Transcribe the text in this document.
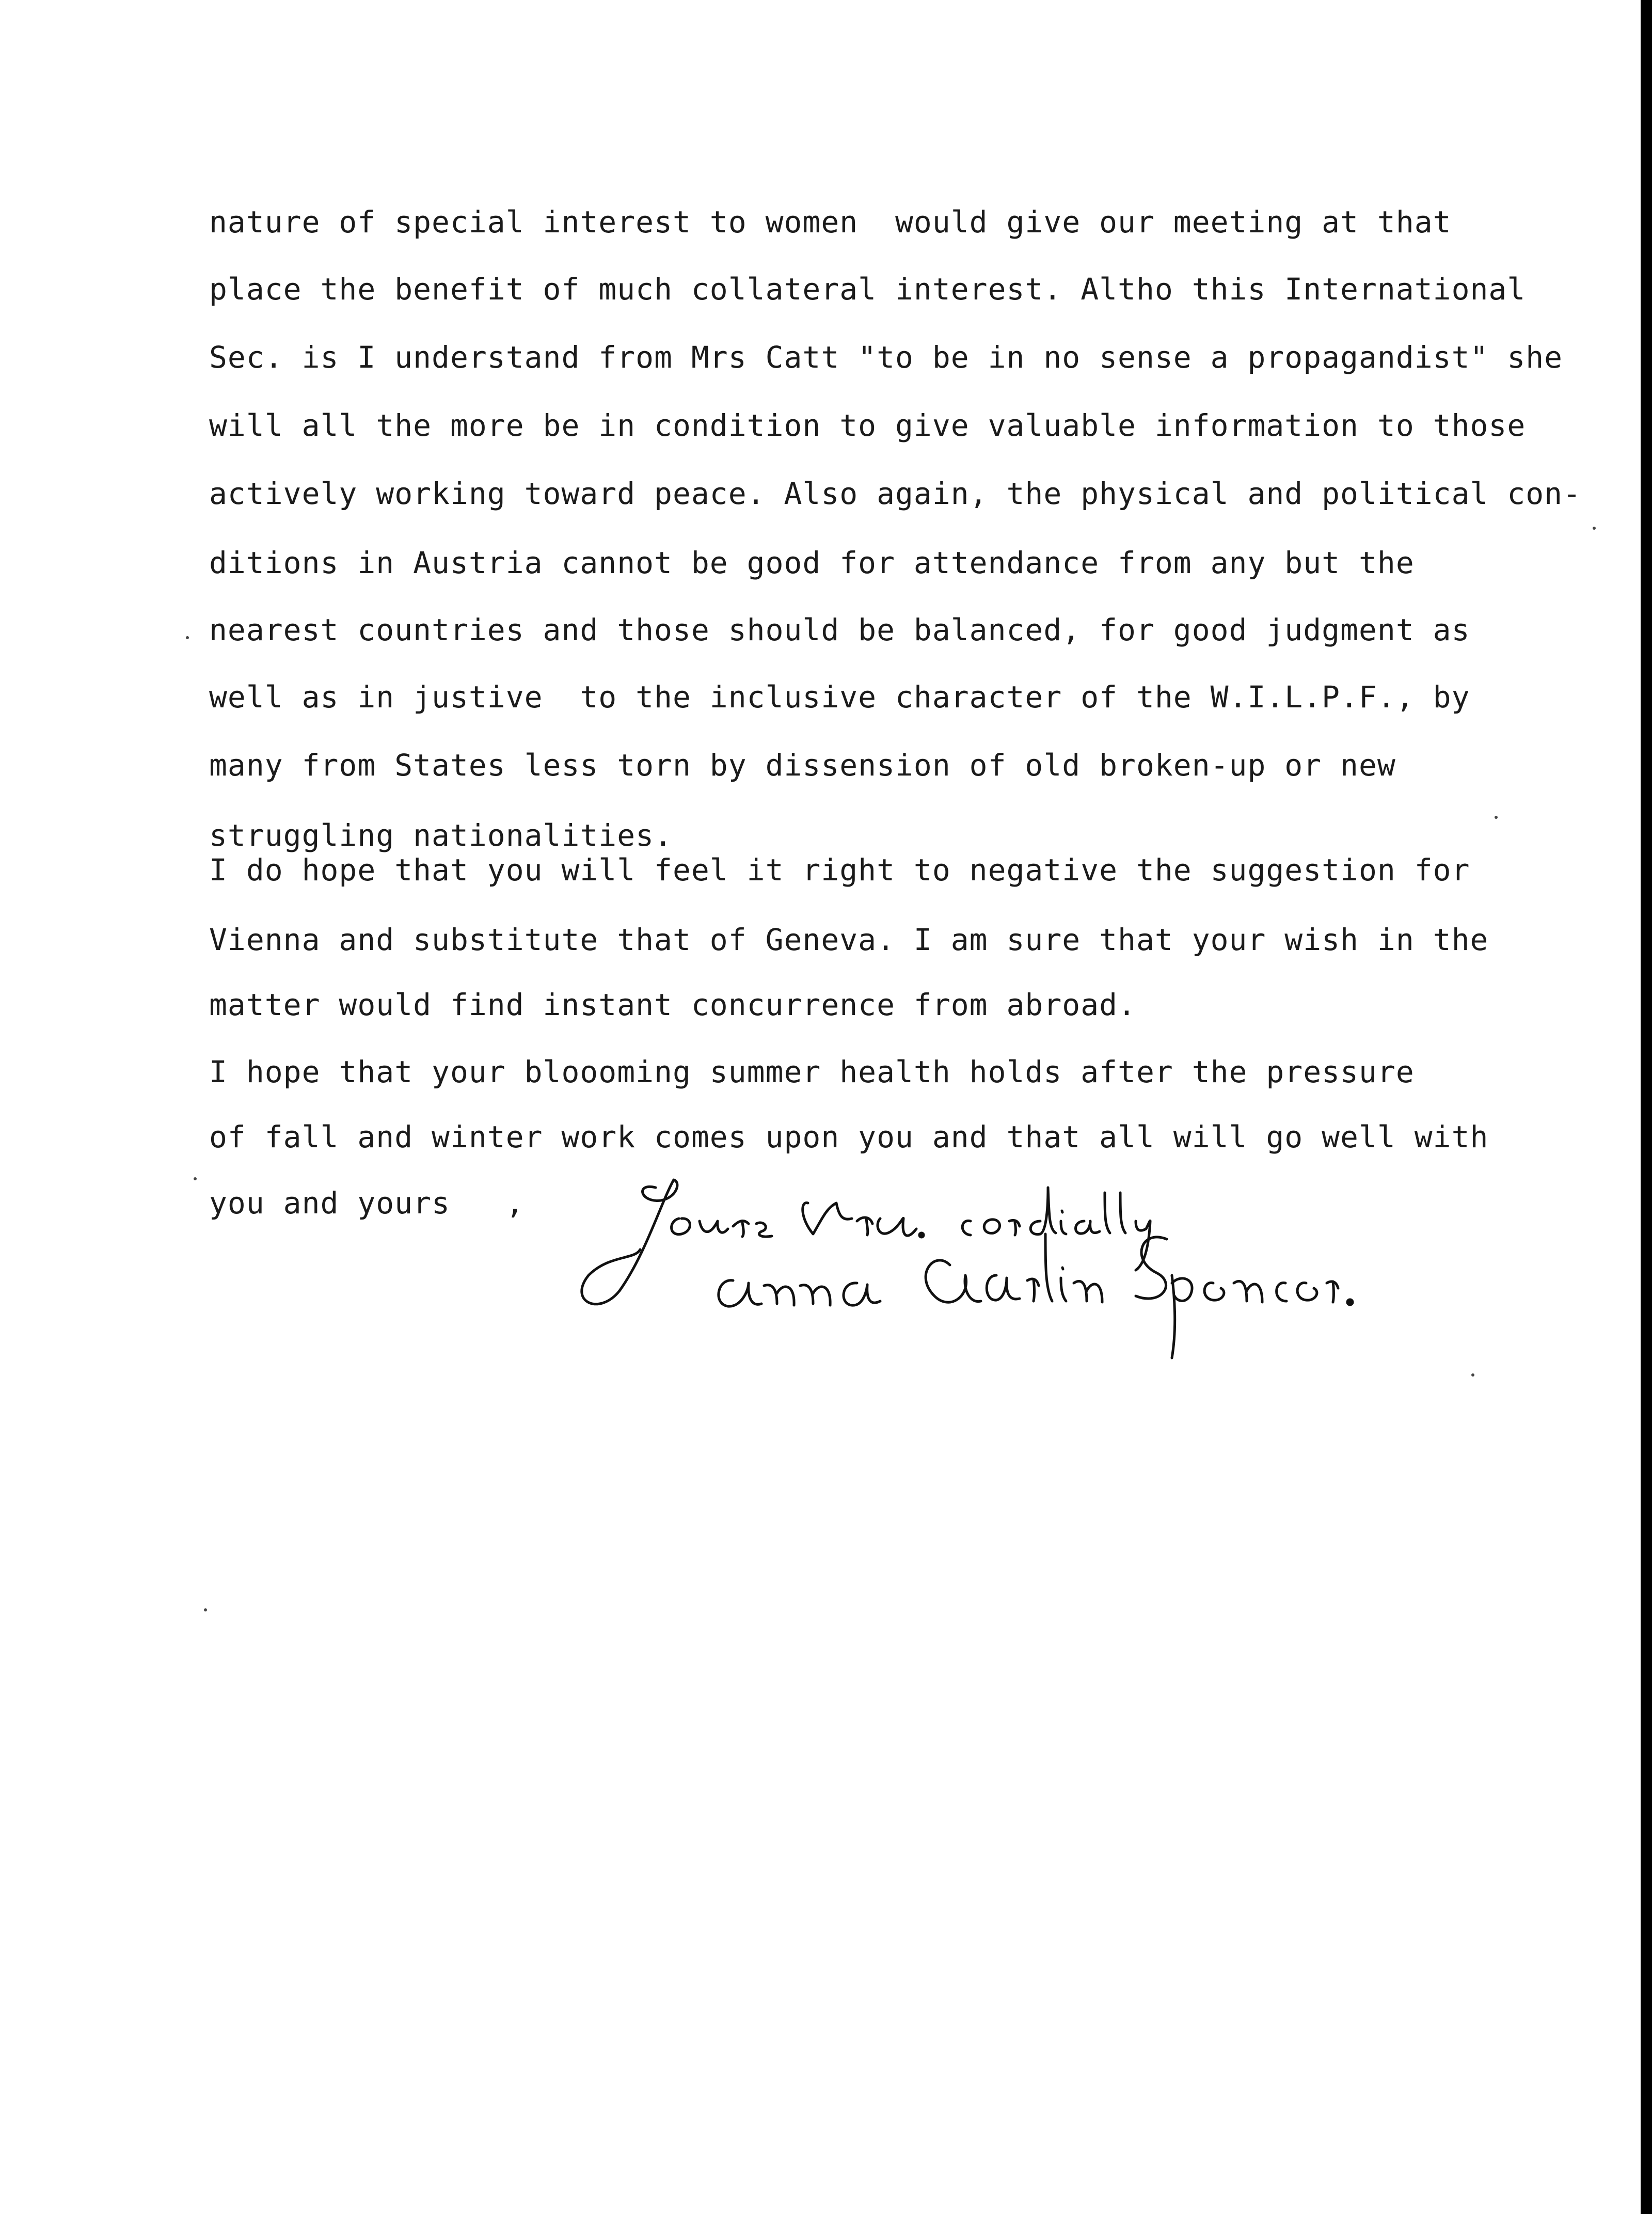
nature of special interest to women  would give our meeting at that
place the benefit of much collateral interest. Altho this International
Sec. is I understand from Mrs Catt "to be in no sense a propagandist" she
will all the more be in condition to give valuable information to those
actively working toward peace. Also again, the physical and political con-
ditions in Austria cannot be good for attendance from any but the
nearest countries and those should be balanced, for good judgment as
well as in justive  to the inclusive character of the W.I.L.P.F., by
many from States less torn by dissension of old broken-up or new
struggling nationalities.
I do hope that you will feel it right to negative the suggestion for
Vienna and substitute that of Geneva. I am sure that your wish in the
matter would find instant concurrence from abroad.
I hope that your bloooming summer health holds after the pressure
of fall and winter work comes upon you and that all will go well with
you and yours   ,
